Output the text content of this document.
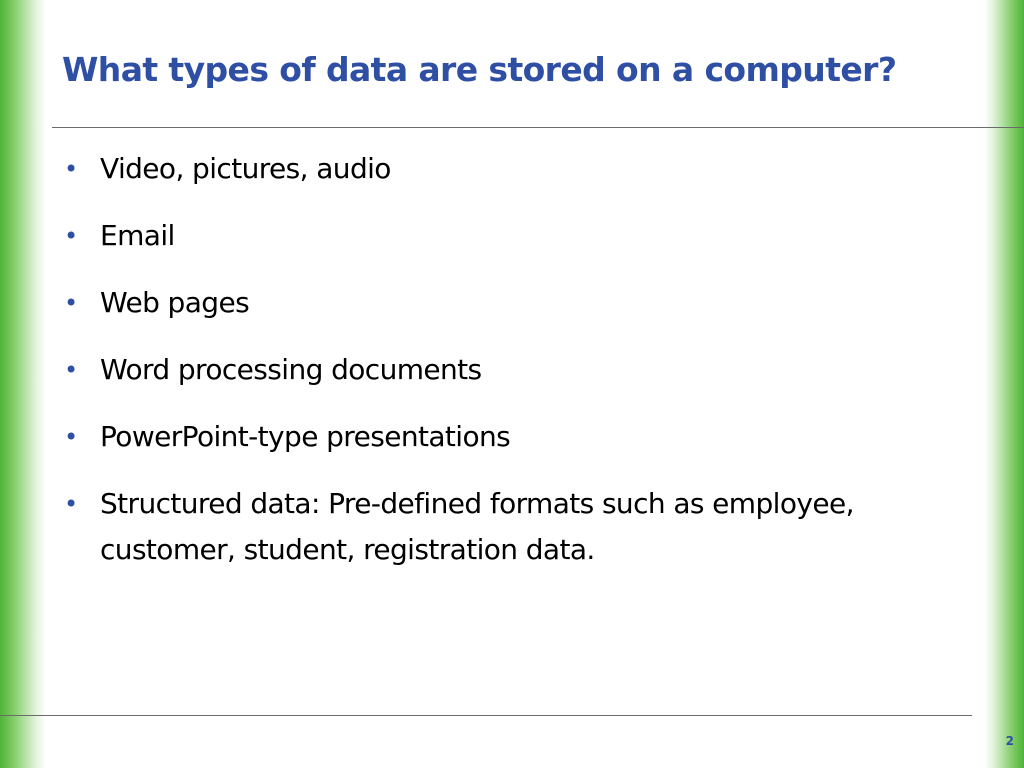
What types of data are stored on a computer?
• Video, pictures, audio
• Email
• Web pages
• Word processing documents
• PowerPoint-type presentations
• Structured data: Pre-defined formats such as employee, customer, student, registration data.
2
